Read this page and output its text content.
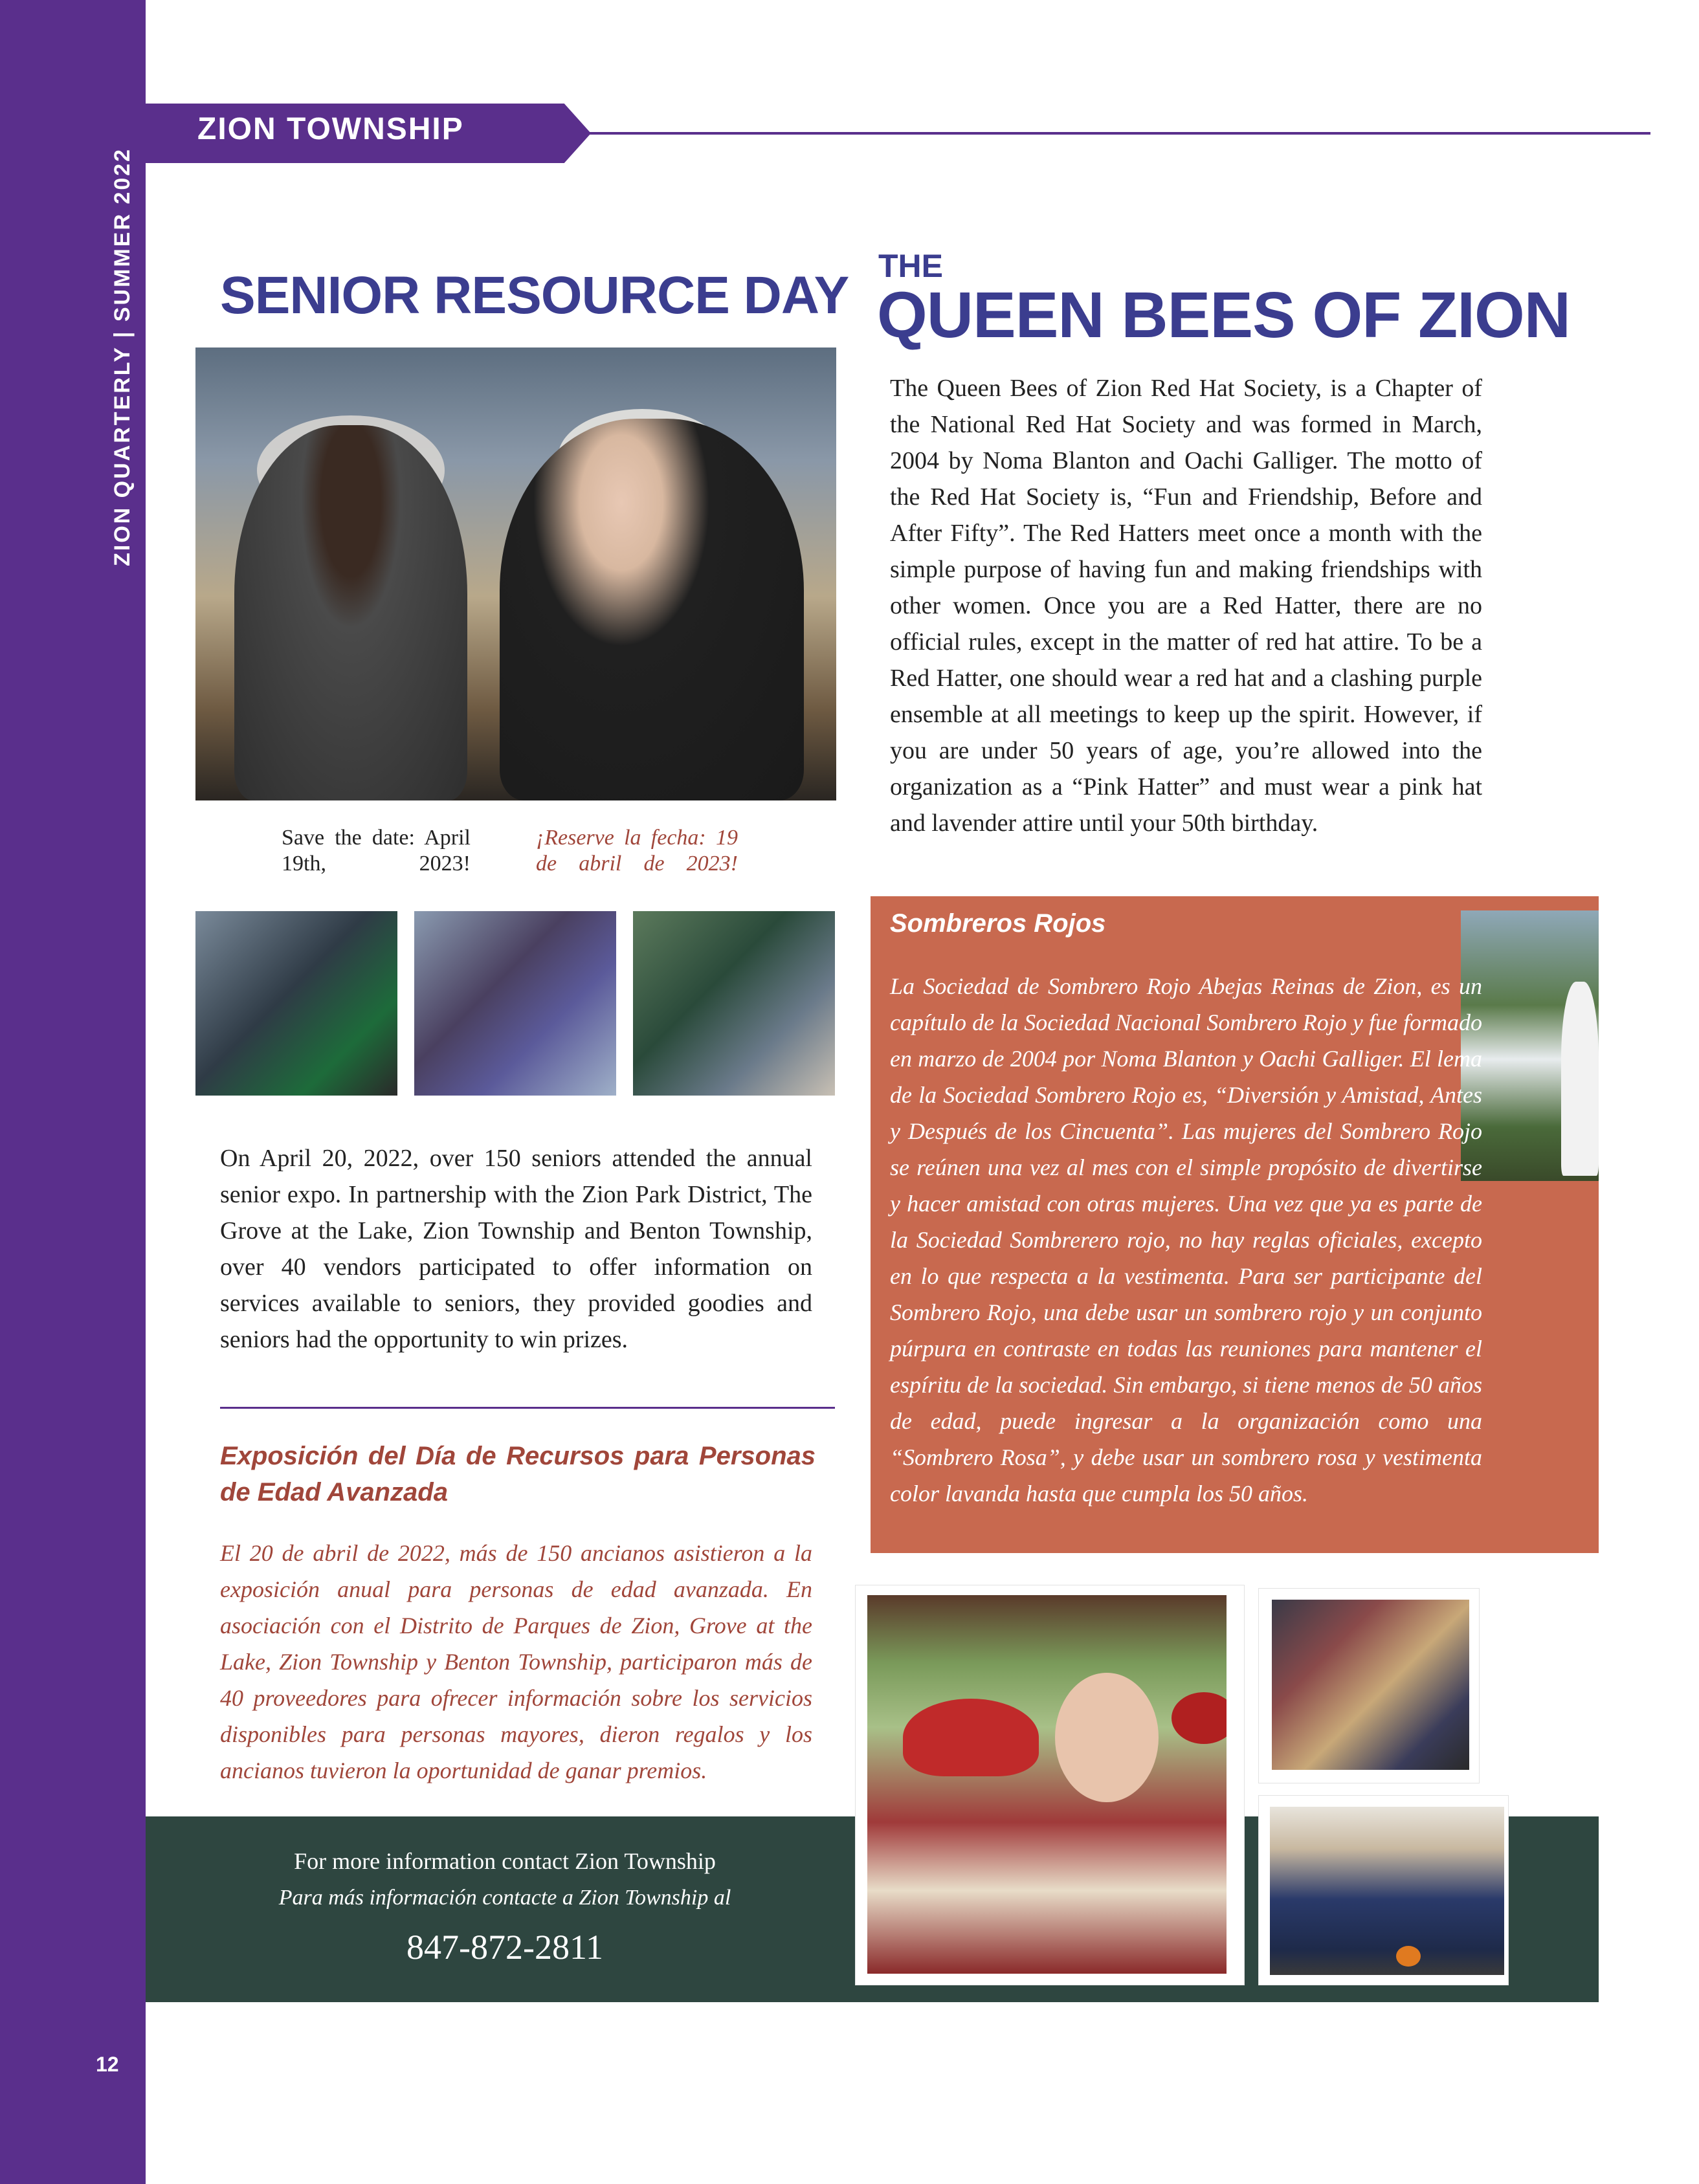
ZION QUARTERLY | SUMMER 2022
12
ZION TOWNSHIP
SENIOR RESOURCE DAY
Save the date: April 19th, 2023!
¡Reserve la fecha: 19 de abril de 2023!
On April 20, 2022, over 150 seniors attended the annual senior expo. In partnership with the Zion Park District, The Grove at the Lake, Zion Township and Benton Township, over 40 vendors participated to offer information on services available to seniors, they provided goodies and seniors had the opportunity to win prizes.
Exposición del Día de Recursos para Personas de Edad Avanzada
El 20 de abril de 2022, más de 150 ancianos asistieron a la exposición anual para personas de edad avanzada. En asociación con el Distrito de Parques de Zion, Grove at the Lake, Zion Township y Benton Township, participaron más de 40 proveedores para ofrecer información sobre los servicios disponibles para personas mayores, dieron regalos y los ancianos tuvieron la oportunidad de ganar premios.
For more information contact Zion Township
Para más información contacte a Zion Township al
847-872-2811
THE
QUEEN BEES OF ZION
The Queen Bees of Zion Red Hat Society, is a Chapter of the National Red Hat Society and was formed in March, 2004 by Noma Blanton and Oachi Galliger. The motto of the Red Hat Society is, “Fun and Friendship, Before and After Fifty”. The Red Hatters meet once a month with the simple purpose of having fun and making friendships with other women. Once you are a Red Hatter, there are no official rules, except in the matter of red hat attire. To be a Red Hatter, one should wear a red hat and a clashing purple ensemble at all meetings to keep up the spirit. However, if you are under 50 years of age, you’re allowed into the organization as a “Pink Hatter” and must wear a pink hat and lavender attire until your 50th birthday.
Sombreros Rojos
La Sociedad de Sombrero Rojo Abejas Reinas de Zion, es un capítulo de la Sociedad Nacional Sombrero Rojo y fue formado en marzo de 2004 por Noma Blanton y Oachi Galliger. El lema de la Sociedad Sombrero Rojo es, “Diversión y Amistad, Antes y Después de los Cincuenta”. Las mujeres del Sombrero Rojo se reúnen una vez al mes con el simple propósito de divertirse y hacer amistad con otras mujeres. Una vez que ya es parte de la Sociedad Sombrerero rojo, no hay reglas oficiales, excepto en lo que respecta a la vestimenta. Para ser participante del Sombrero Rojo, una debe usar un sombrero rojo y un conjunto púrpura en contraste en todas las reuniones para mantener el espíritu de la sociedad. Sin embargo, si tiene menos de 50 años de edad, puede ingresar a la organización como una “Sombrero Rosa”, y debe usar un sombrero rosa y vestimenta color lavanda hasta que cumpla los 50 años.
